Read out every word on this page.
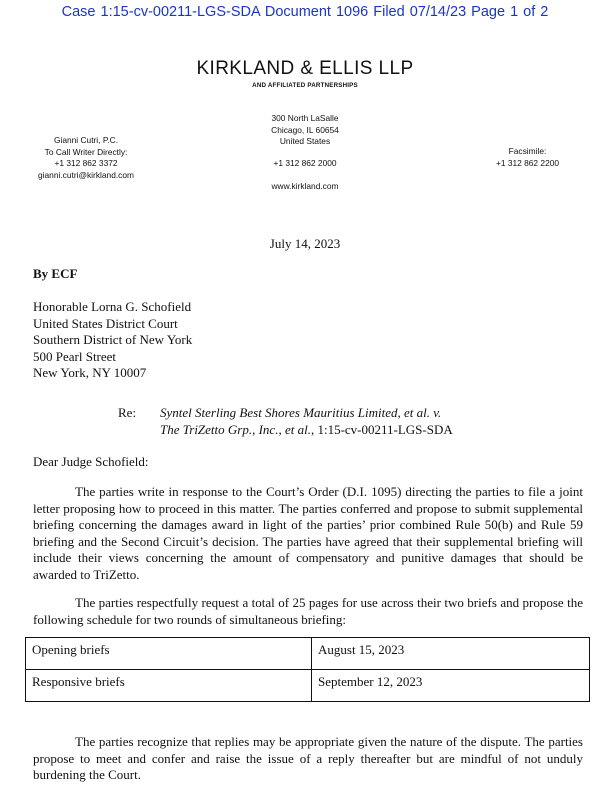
Case 1:15-cv-00211-LGS-SDA Document 1096 Filed 07/14/23 Page 1 of 2
KIRKLAND & ELLIS LLP
AND AFFILIATED PARTNERSHIPS
300 North LaSalle
Chicago, IL 60654
United States
+1 312 862 2000
www.kirkland.com
Gianni Cutri, P.C.
To Call Writer Directly:
+1 312 862 3372
gianni.cutri@kirkland.com
Facsimile:
+1 312 862 2200
July 14, 2023
By ECF
Honorable Lorna G. Schofield
United States District Court
Southern District of New York
500 Pearl Street
New York, NY 10007
Re: Syntel Sterling Best Shores Mauritius Limited, et al. v.
The TriZetto Grp., Inc., et al., 1:15-cv-00211-LGS-SDA
Dear Judge Schofield:
The parties write in response to the Court’s Order (D.I. 1095) directing the parties to file a joint letter proposing how to proceed in this matter. The parties conferred and propose to submit supplemental briefing concerning the damages award in light of the parties’ prior combined Rule 50(b) and Rule 59 briefing and the Second Circuit’s decision. The parties have agreed that their supplemental briefing will include their views concerning the amount of compensatory and punitive damages that should be awarded to TriZetto.
The parties respectfully request a total of 25 pages for use across their two briefs and propose the following schedule for two rounds of simultaneous briefing:
Opening briefs	August 15, 2023
Responsive briefs	September 12, 2023
The parties recognize that replies may be appropriate given the nature of the dispute. The parties propose to meet and confer and raise the issue of a reply thereafter but are mindful of not unduly burdening the Court.
